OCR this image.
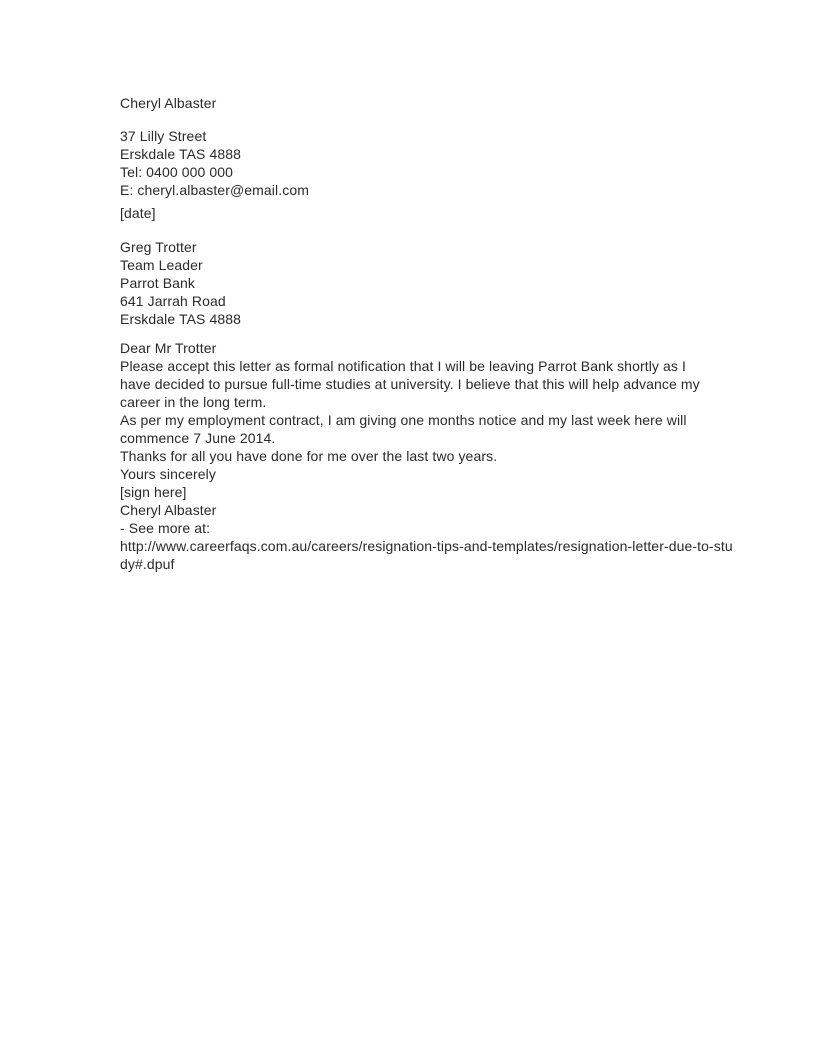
Cheryl Albaster
37 Lilly Street
Erskdale TAS 4888
Tel: 0400 000 000
E: cheryl.albaster@email.com
[date]
Greg Trotter
Team Leader
Parrot Bank
641 Jarrah Road
Erskdale TAS 4888
Dear Mr Trotter
Please accept this letter as formal notification that I will be leaving Parrot Bank shortly as I have decided to pursue full-time studies at university. I believe that this will help advance my career in the long term.
As per my employment contract, I am giving one months notice and my last week here will commence 7 June 2014.
Thanks for all you have done for me over the last two years.
Yours sincerely
[sign here]
Cheryl Albaster
- See more at:
http://www.careerfaqs.com.au/careers/resignation-tips-and-templates/resignation-letter-due-to-stu
dy#.dpuf
